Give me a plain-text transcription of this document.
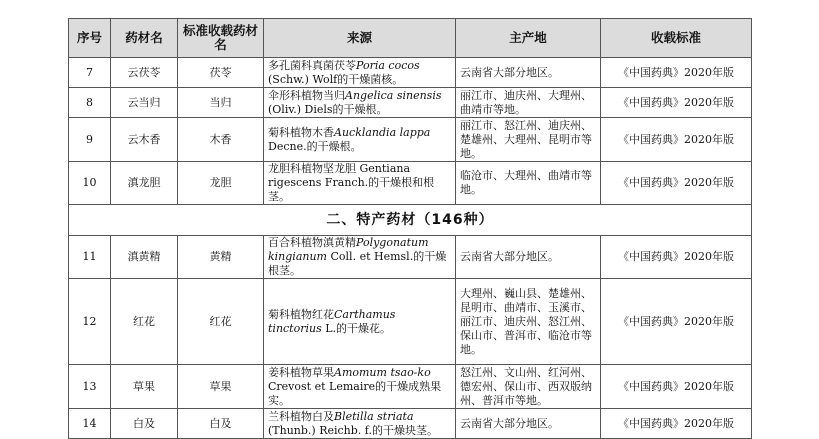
序号	药材名	标准收载药材名	来源	主产地	收载标准
7	云茯苓	茯苓	多孔菌科真菌茯苓Poria cocos (Schw.) Wolf的干燥菌核。	云南省大部分地区。	《中国药典》2020年版
8	云当归	当归	伞形科植物当归Angelica sinensis (Oliv.) Diels的干燥根。	丽江市、迪庆州、大理州、曲靖市等地。	《中国药典》2020年版
9	云木香	木香	菊科植物木香Aucklandia lappa Decne.的干燥根。	丽江市、怒江州、迪庆州、楚雄州、大理州、昆明市等地。	《中国药典》2020年版
10	滇龙胆	龙胆	龙胆科植物坚龙胆 Gentiana rigescens Franch.的干燥根和根茎。	临沧市、大理州、曲靖市等地。	《中国药典》2020年版
二、特产药材（146种）					
11	滇黄精	黄精	百合科植物滇黄精Polygonatum kingianum Coll. et Hemsl.的干燥根茎。	云南省大部分地区。	《中国药典》2020年版
12	红花	红花	菊科植物红花Carthamus tinctorius L.的干燥花。	大理州、巍山县、楚雄州、昆明市、曲靖市、玉溪市、丽江市、迪庆州、怒江州、保山市、普洱市、临沧市等地。	《中国药典》2020年版
13	草果	草果	姜科植物草果Amomum tsao-ko Crevost et Lemaire的干燥成熟果实。	怒江州、文山州、红河州、德宏州、保山市、西双版纳州、普洱市等地。	《中国药典》2020年版
14	白及	白及	兰科植物白及Bletilla striata (Thunb.) Reichb. f.的干燥块茎。	云南省大部分地区。	《中国药典》2020年版
